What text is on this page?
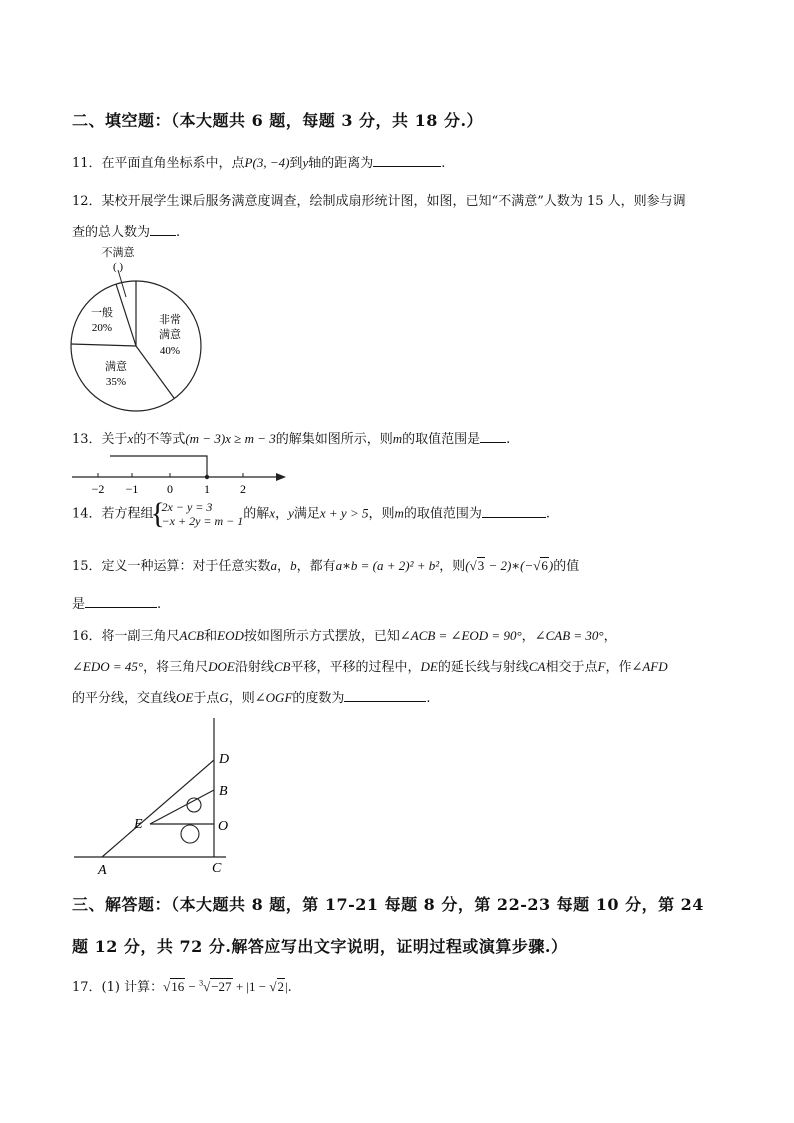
二、填空题：（本大题共 6 题，每题 3 分，共 18 分.）
11．在平面直角坐标系中，点P(3, −4)到y轴的距离为	.
12．某校开展学生课后服务满意度调查，绘制成扇形统计图，如图，已知“不满意”人数为 15 人，则参与调
查的总人数为 .
不满意
( )
一般
20%
非常
满意
40%
满意
35%
13．关于x的不等式(m − 3)x ≥ m − 3的解集如图所示，则m的取值范围是 .
−2 −1 0	1	2
14．若方程组
{ 2x − y = 3
−x + 2y = m − 1 的解x，y满足x + y > 5，则m的取值范围为	.
15．定义一种运算：对于任意实数a，b，都有a∗b = (a + 2)² + b²，则(√3 − 2)∗(−√6)的值
是	.
16．将一副三角尺ACB和EOD按如图所示方式摆放，已知∠ACB = ∠EOD = 90°，∠CAB = 30°，
∠EDO = 45°，将三角尺DOE沿射线CB平移，平移的过程中，DE的延长线与射线CA相交于点F，作∠AFD
的平分线，交直线OE于点G，则∠OGF的度数为	.
D
B
E	O
A	C
三、解答题：（本大题共 8 题，第 17-21 每题 8 分，第 22-23 每题 10 分，第 24
题 12 分，共 72 分.解答应写出文字说明，证明过程或演算步骤.）
17．(1) 计算：√16 − $^3$√−27 + |1 − √2|.
